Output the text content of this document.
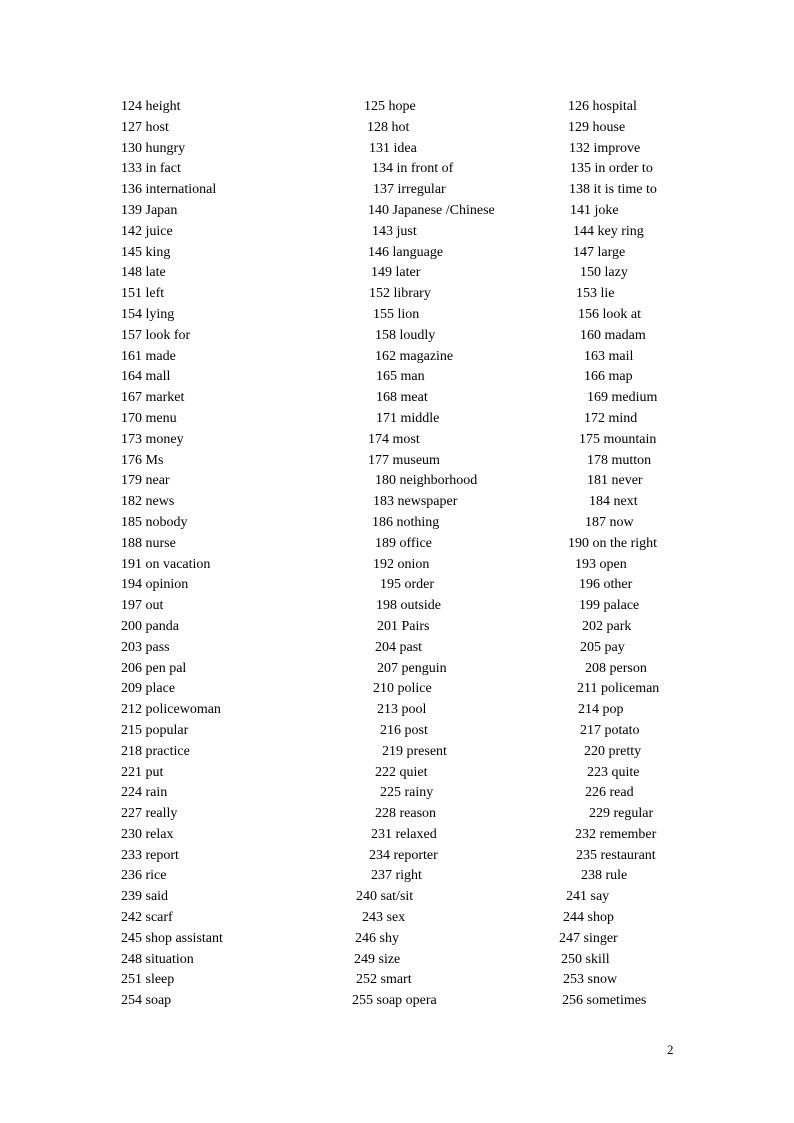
124 height	125 hope	126 hospital
127 host	128 hot	129 house
130 hungry	131 idea	132 improve
133 in fact	134 in front of	135 in order to
136 international	137 irregular	138 it is time to
139 Japan	140 Japanese /Chinese	141 joke
142 juice	143 just	144 key ring
145 king	146 language	147 large
148 late	149 later	150 lazy
151 left	152 library	153 lie
154 lying	155 lion	156 look at
157 look for	158 loudly	160 madam
161 made	162 magazine	163 mail
164 mall	165 man	166 map
167 market	168 meat	169 medium
170 menu	171 middle	172 mind
173 money	174 most	175 mountain
176 Ms	177 museum	178 mutton
179 near	180 neighborhood	181 never
182 news	183 newspaper	184 next
185 nobody	186 nothing	187 now
188 nurse	189 office	190 on the right
191 on vacation	192 onion	193 open
194 opinion	195 order	196 other
197 out	198 outside	199 palace
200 panda	201 Pairs	202 park
203 pass	204 past	205 pay
206 pen pal	207 penguin	208 person
209 place	210 police	211 policeman
212 policewoman	213 pool	214 pop
215 popular	216 post	217 potato
218 practice	219 present	220 pretty
221 put	222 quiet	223 quite
224 rain	225 rainy	226 read
227 really	228 reason	229 regular
230 relax	231 relaxed	232 remember
233 report	234 reporter	235 restaurant
236 rice	237 right	238 rule
239 said	240 sat/sit	241 say
242 scarf	243 sex	244 shop
245 shop assistant	246 shy	247 singer
248 situation	249 size	250 skill
251 sleep	252 smart	253 snow
254 soap	255 soap opera	256 sometimes
2
